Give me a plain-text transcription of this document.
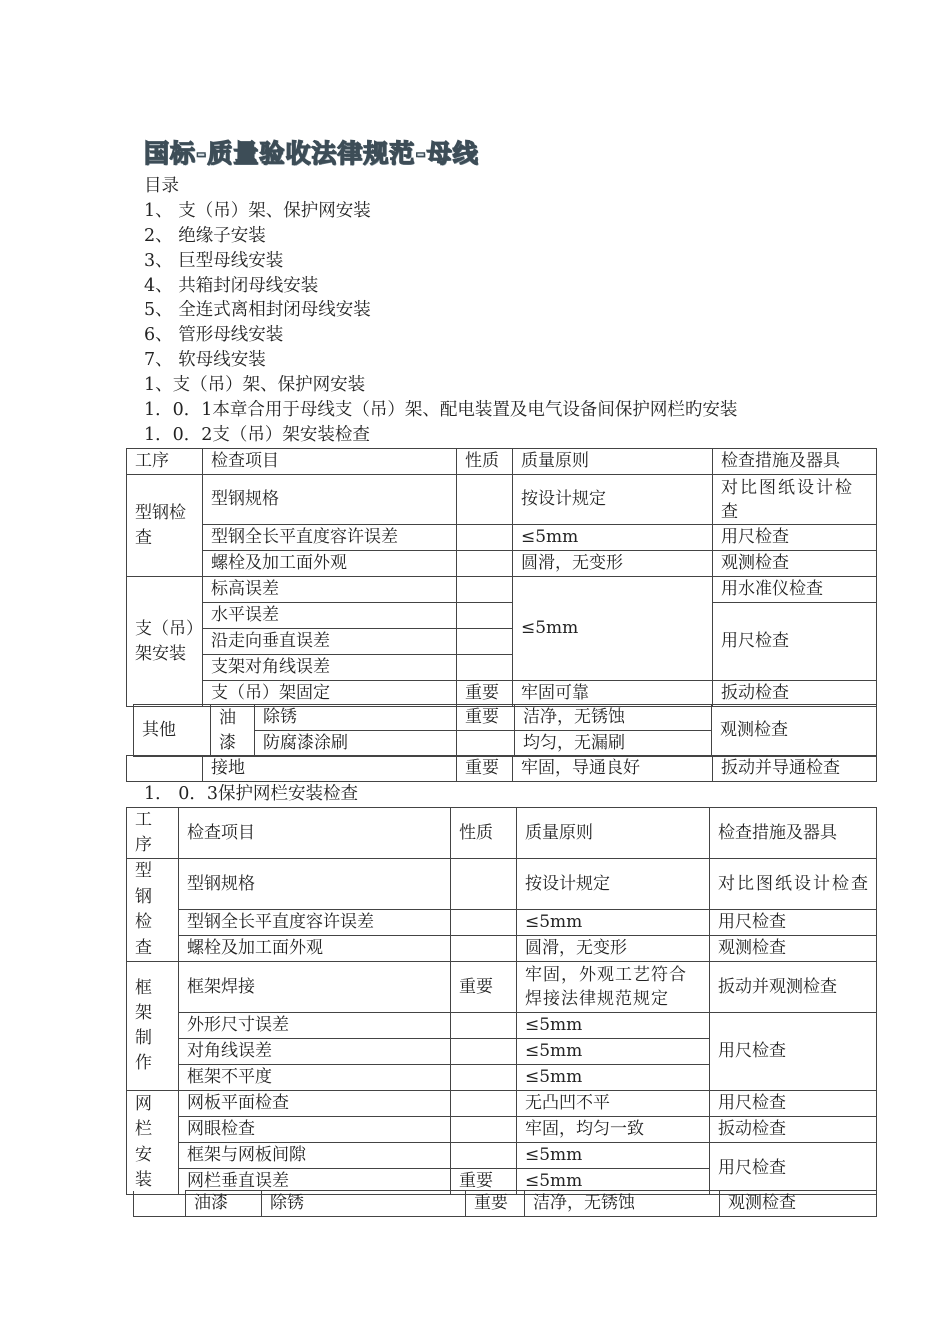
国标-质量验收法律规范-母线
目录
1、 支（吊）架、保护网安装
2、 绝缘子安装
3、 巨型母线安装
4、 共箱封闭母线安装
5、 全连式离相封闭母线安装
6、 管形母线安装
7、 软母线安装
1、支（吊）架、保护网安装
1．0．1本章合用于母线支（吊）架、配电装置及电气设备间保护网栏旳安装
1．0．2支（吊）架安装检查
工序	检查项目	性质	质量原则	检查措施及器具

型钢检查	型钢规格		按设计规定	对比图纸设计检查
	型钢全长平直度容许误差		≤5mm	用尺检查
	螺栓及加工面外观		圆滑，无变形	观测检查

支（吊）架安装	标高误差		≤5mm	用水准仪检查
	水平误差			用尺检查
	沿走向垂直误差			
	支架对角线误差			
	支（吊）架固定	重要	牢固可靠	扳动检查
其他	油漆	除锈	重要	洁净，无锈蚀	观测检查
		防腐漆涂刷		均匀，无漏刷	
	接地	重要	牢固，导通良好	扳动并导通检查
1． 0．3保护网栏安装检查
工序	检查项目	性质	质量原则	检查措施及器具

型钢检查	型钢规格		按设计规定	对比图纸设计检查
	型钢全长平直度容许误差		≤5mm	用尺检查
	螺栓及加工面外观		圆滑，无变形	观测检查

框架制作	框架焊接	重要	牢固，外观工艺符合焊接法律规范规定	扳动并观测检查
	外形尺寸误差		≤5mm	用尺检查
	对角线误差		≤5mm	
	框架不平度		≤5mm	

网栏安装	网板平面检查		无凸凹不平	用尺检查
	网眼检查		牢固，均匀一致	扳动检查
	框架与网板间隙		≤5mm	用尺检查
	网栏垂直误差	重要	≤5mm	
	油漆	除锈	重要	洁净，无锈蚀	观测检查
